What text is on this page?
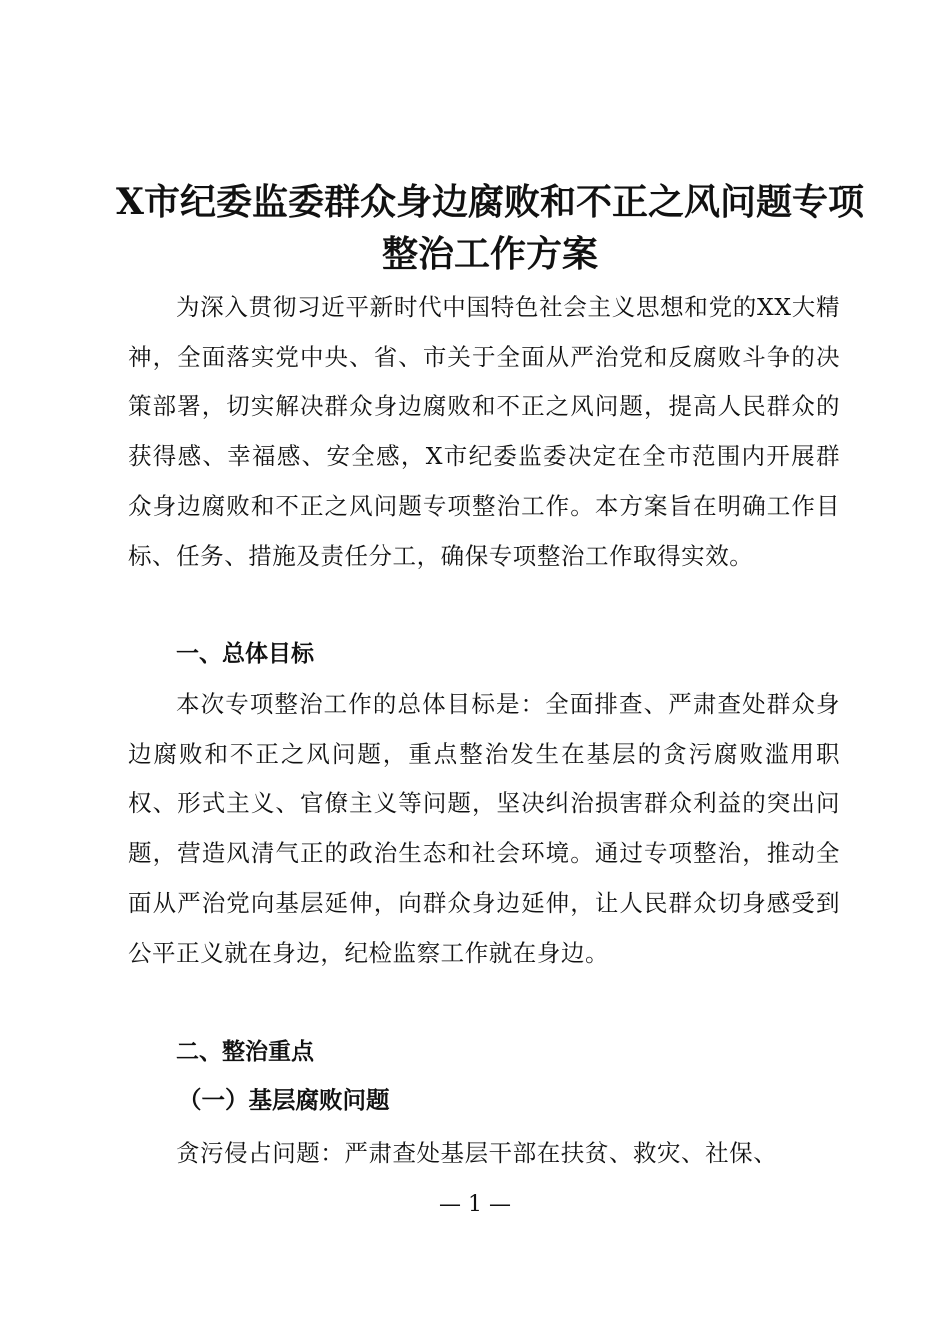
X市纪委监委群众身边腐败和不正之风问题专项
整治工作方案

为深入贯彻习近平新时代中国特色社会主义思想和党的XX大精神，全面落实党中央、省、市关于全面从严治党和反腐败斗争的决策部署，切实解决群众身边腐败和不正之风问题，提高人民群众的获得感、幸福感、安全感，X市纪委监委决定在全市范围内开展群众身边腐败和不正之风问题专项整治工作。本方案旨在明确工作目标、任务、措施及责任分工，确保专项整治工作取得实效。

一、总体目标

本次专项整治工作的总体目标是：全面排查、严肃查处群众身边腐败和不正之风问题，重点整治发生在基层的贪污腐败滥用职权、形式主义、官僚主义等问题，坚决纠治损害群众利益的突出问题，营造风清气正的政治生态和社会环境。通过专项整治，推动全面从严治党向基层延伸，向群众身边延伸，让人民群众切身感受到公平正义就在身边，纪检监察工作就在身边。

二、整治重点
（一）基层腐败问题

贪污侵占问题：严肃查处基层干部在扶贫、救灾、社保、

— 1 —
